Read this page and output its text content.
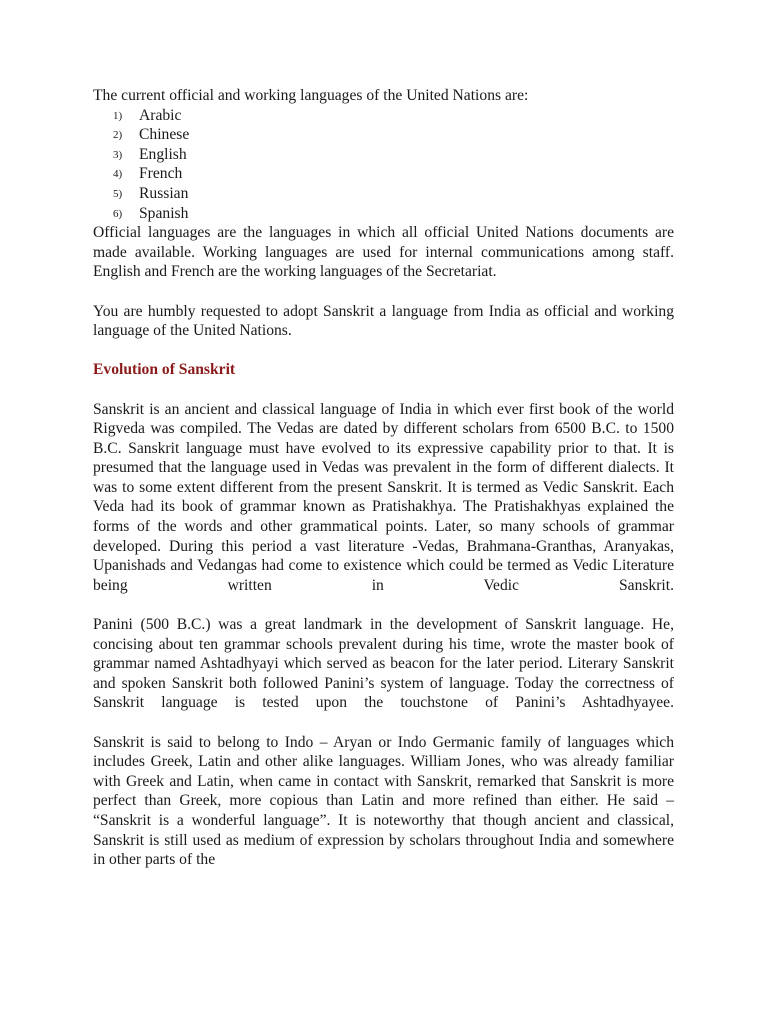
The current official and working languages of the United Nations are:

1) Arabic
2) Chinese
3) English
4) French
5) Russian
6) Spanish

Official languages are the languages in which all official United Nations documents are made available. Working languages are used for internal communications among staff. English and French are the working languages of the Secretariat.

You are humbly requested to adopt Sanskrit a language from India as official and working language of the United Nations.

Evolution of Sanskrit

Sanskrit is an ancient and classical language of India in which ever first book of the world Rigveda was compiled. The Vedas are dated by different scholars from 6500 B.C. to 1500 B.C. Sanskrit language must have evolved to its expressive capability prior to that. It is presumed that the language used in Vedas was prevalent in the form of different dialects. It was to some extent different from the present Sanskrit. It is termed as Vedic Sanskrit. Each Veda had its book of grammar known as Pratishakhya. The Pratishakhyas explained the forms of the words and other grammatical points. Later, so many schools of grammar developed. During this period a vast literature -Vedas, Brahmana-Granthas, Aranyakas, Upanishads and Vedangas had come to existence which could be termed as Vedic Literature being written in Vedic Sanskrit.

Panini (500 B.C.) was a great landmark in the development of Sanskrit language. He, concising about ten grammar schools prevalent during his time, wrote the master book of grammar named Ashtadhyayi which served as beacon for the later period. Literary Sanskrit and spoken Sanskrit both followed Panini’s system of language. Today the correctness of Sanskrit language is tested upon the touchstone of Panini’s Ashtadhyayee.

Sanskrit is said to belong to Indo – Aryan or Indo Germanic family of languages which includes Greek, Latin and other alike languages. William Jones, who was already familiar with Greek and Latin, when came in contact with Sanskrit, remarked that Sanskrit is more perfect than Greek, more copious than Latin and more refined than either. He said – “Sanskrit is a wonderful language”. It is noteworthy that though ancient and classical, Sanskrit is still used as medium of expression by scholars throughout India and somewhere in other parts of the
